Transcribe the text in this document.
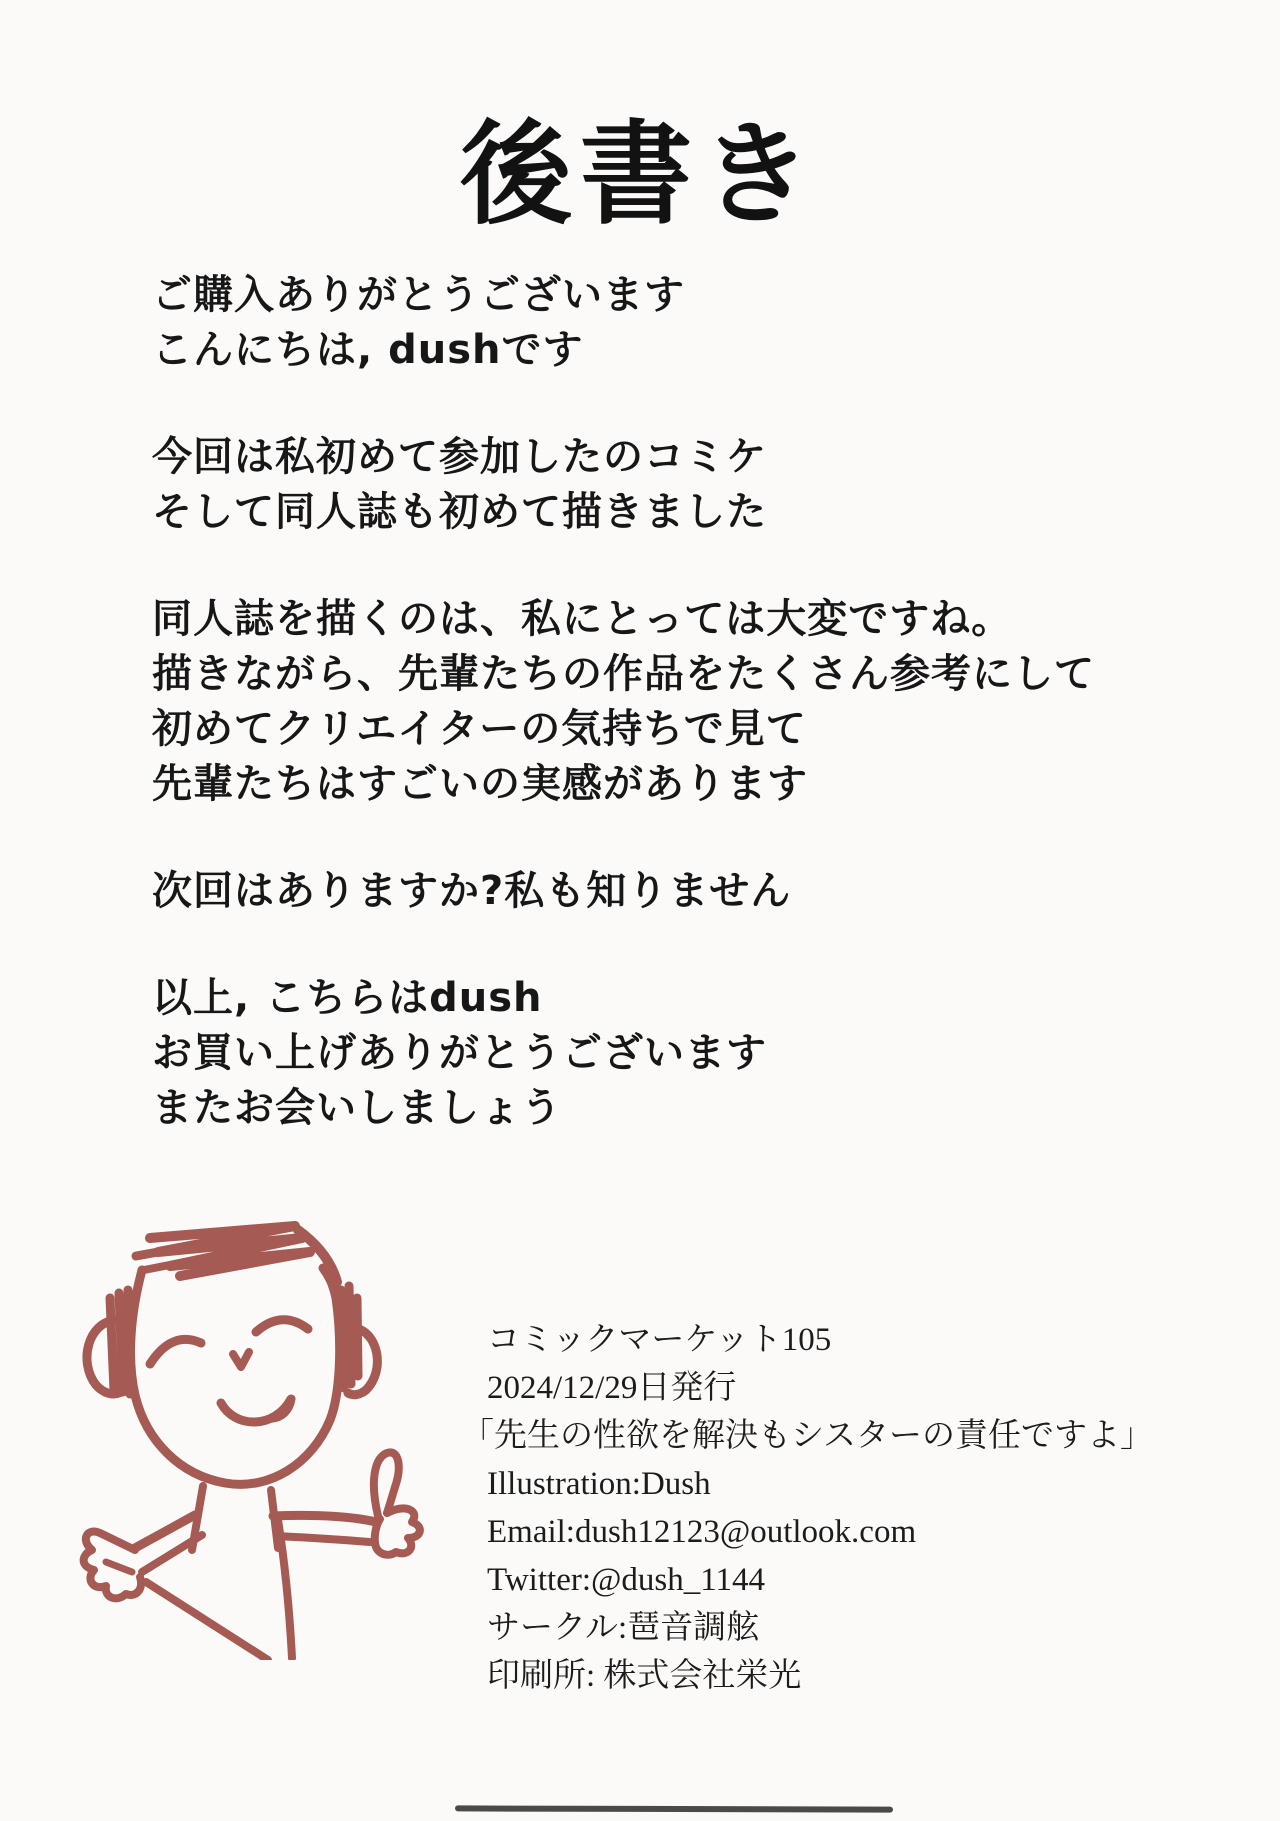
後書き

ご購入ありがとうございます
こんにちは, dushです

今回は私初めて参加したのコミケ
そして同人誌も初めて描きました

同人誌を描くのは、私にとっては大変ですね。
描きながら、先輩たちの作品をたくさん参考にして
初めてクリエイターの気持ちで見て
先輩たちはすごいの実感があります

次回はありますか?私も知りません

以上, こちらはdush
お買い上げありがとうございます
またお会いしましょう

コミックマーケット105
2024/12/29日発行
「先生の性欲を解決もシスターの責任ですよ」
Illustration:Dush
Email:dush12123@outlook.com
Twitter:@dush_1144
サークル:琶音調舷
印刷所: 株式会社栄光
